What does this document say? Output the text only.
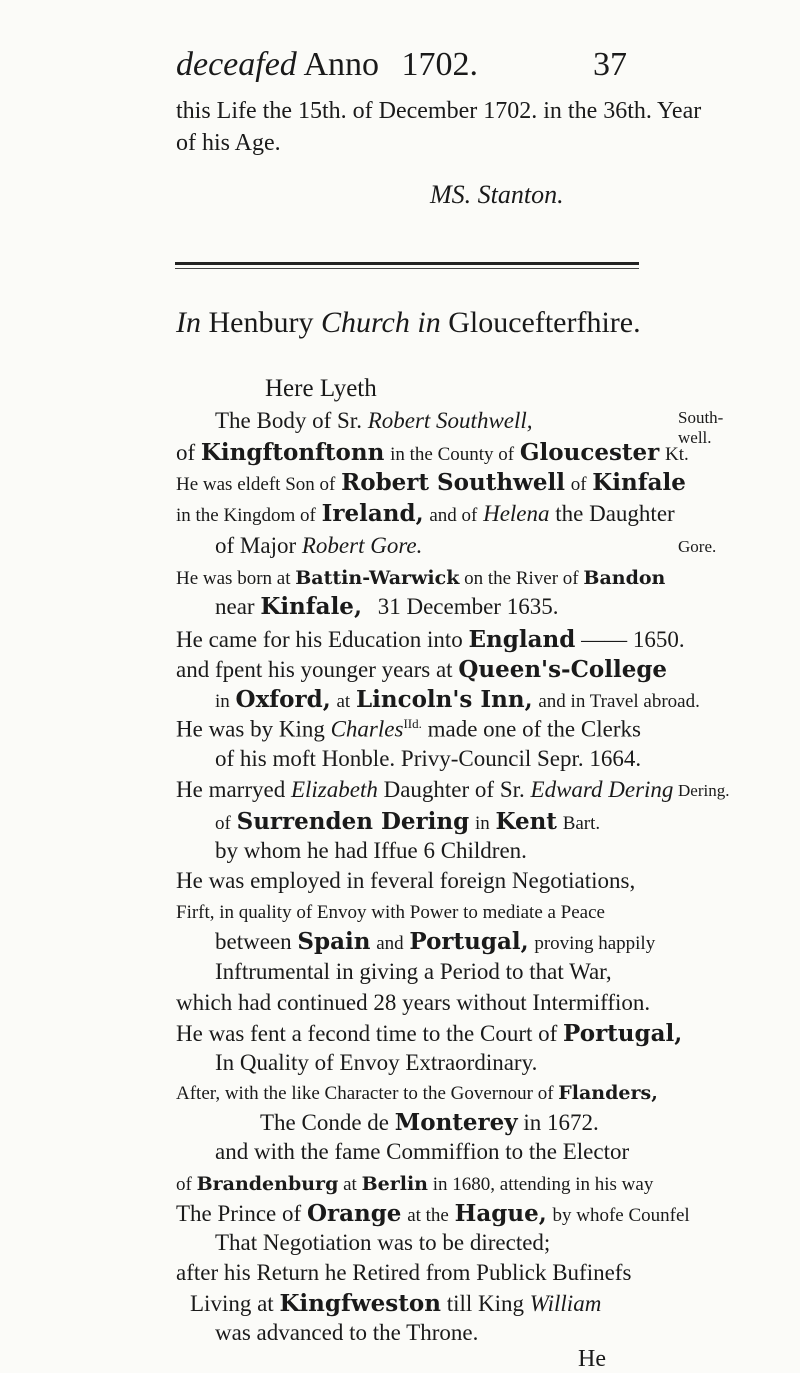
deceafed Anno 1702.	37
this Life the 15th. of December 1702. in the 36th. Year
of his Age.
MS. Stanton.
In Henbury Church in Gloucefterfhire.
Here Lyeth
The Body of Sr. Robert Southwell,
of Kingftonftonn in the County of Gloucester Kt.
He was eldeft Son of Robert Southwell of Kinfale
in the Kingdom of Ireland, and of Helena the Daughter
of Major Robert Gore.
He was born at Battin-Warwick on the River of Bandon
near Kinfale, 31 December 1635.
He came for his Education into England —— 1650.
and fpent his younger years at Queen's-College
in Oxford, at Lincoln's Inn, and in Travel abroad.
He was by King Charles$^{IId.}$ made one of the Clerks
of his moft Honble. Privy-Council Sepr. 1664.
He marryed Elizabeth Daughter of Sr. Edward Dering
of Surrenden Dering in Kent Bart.
by whom he had Iffue 6 Children.
He was employed in feveral foreign Negotiations,
Firft, in quality of Envoy with Power to mediate a Peace
between Spain and Portugal, proving happily
Inftrumental in giving a Period to that War,
which had continued 28 years without Intermiffion.
He was fent a fecond time to the Court of Portugal,
In Quality of Envoy Extraordinary.
After, with the like Character to the Governour of Flanders,
The Conde de Monterey in 1672.
and with the fame Commiffion to the Elector
of Brandenburg at Berlin in 1680, attending in his way
The Prince of Orange at the Hague, by whofe Counfel
That Negotiation was to be directed;
after his Return he Retired from Publick Bufinefs
Living at Kingfweston till King William
was advanced to the Throne.
He
South-
well.
Gore.
Dering.
